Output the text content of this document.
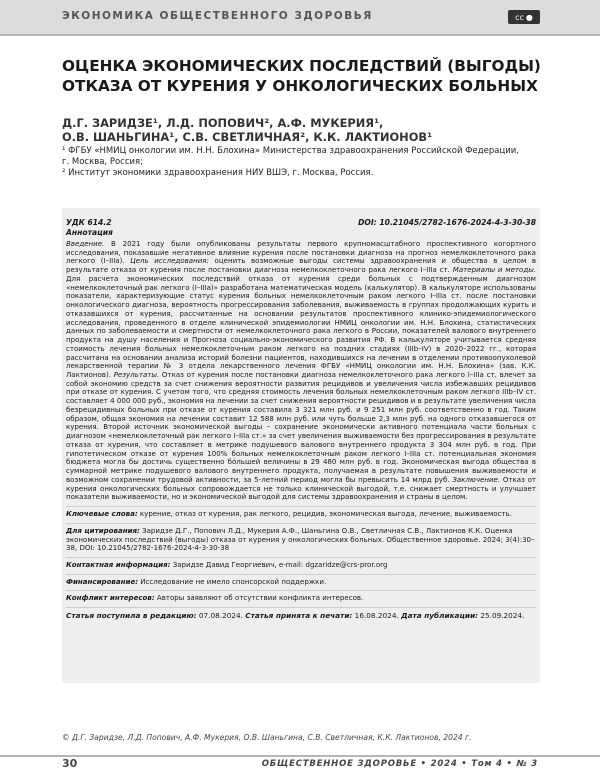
ЭКОНОМИКА ОБЩЕСТВЕННОГО ЗДОРОВЬЯ	cc ●
ОЦЕНКА ЭКОНОМИЧЕСКИХ ПОСЛЕДСТВИЙ (ВЫГОДЫ) ОТКАЗА ОТ КУРЕНИЯ У ОНКОЛОГИЧЕСКИХ БОЛЬНЫХ
Д.Г. ЗАРИДЗЕ¹, Л.Д. ПОПОВИЧ², А.Ф. МУКЕРИЯ¹,
О.В. ШАНЬГИНА¹, С.В. СВЕТЛИЧНАЯ², К.К. ЛАКТИОНОВ¹
¹ ФГБУ «НМИЦ онкологии им. Н.Н. Блохина» Министерства здравоохранения Российской Федерации,
г. Москва, Россия;
² Институт экономики здравоохранения НИУ ВШЭ, г. Москва, Россия.
УДК 614.2	DOI: 10.21045/2782-1676-2024-4-3-30-38
Аннотация
Введение. В 2021 году были опубликованы результаты первого крупномасштабного проспективного когортного исследования, показавшие негативное влияние курения после постановки диагноза на прогноз немелкоклеточного рака легкого (I–IIIa). Цель исследования: оценить возможные выгоды системы здравоохранения и общества в целом в результате отказа от курения после постановки диагноза немелкоклеточного рака легкого I–IIIa ст. Материалы и методы. Для расчета экономических последствий отказа от курения среди больных с подтвержденным диагнозом «немелкоклеточный рак легкого (I–IIIa)» разработана математическая модель (калькулятор). В калькуляторе использованы показатели, характеризующие статус курения больных немелкоклеточным раком легкого I–IIIa ст. после постановки онкологического диагноза, вероятность прогрессирования заболевания, выживаемость в группах продолжающих курить и отказавшихся от курения, рассчитанные на основании результатов проспективного клинико-эпидемиологического исследования, проведенного в отделе клинической эпидемиологии НМИЦ онкологии им. Н.Н. Блохина, статистических данных по заболеваемости и смертности от немелкоклеточного рака легкого в России, показателей валового внутреннего продукта на душу населения и Прогноза социально-экономического развития РФ. В калькуляторе учитывается средняя стоимость лечения больных немелкоклеточным раком легкого на поздних стадиях (IIIb–IV) в 2020–2022 гг., которая рассчитана на основании анализа историй болезни пациентов, находившихся на лечении в отделении противоопухолевой лекарственной терапии № 3 отдела лекарственного лечения ФГБУ «НМИЦ онкологии им. Н.Н. Блохина» (зав. К.К. Лактионов). Результаты. Отказ от курения после постановки диагноза немелкоклеточного рака легкого I–IIIa ст. влечет за собой экономию средств за счет снижения вероятности развития рецидивов и увеличения числа избежавших рецидивов при отказе от курения. С учетом того, что средняя стоимость лечения больных немелкоклеточным раком легкого IIIb–IV ст. составляет 4 000 000 руб., экономия на лечении за счет снижения вероятности рецидивов и в результате увеличения числа безрецидивных больных при отказе от курения составила 3 321 млн руб. и 9 251 млн руб. соответственно в год. Таким образом, общая экономия на лечении составит 12 588 млн руб. или чуть больше 2,3 млн руб. на одного отказавшегося от курения. Второй источник экономической выгоды – сохранение экономически активного потенциала части больных с диагнозом «немелкоклеточный рак легкого I–IIIa ст.» за счет увеличения выживаемости без прогрессирования в результате отказа от курения, что составляет в метрике подушевого валового внутреннего продукта 3 304 млн руб. в год. При гипотетическом отказе от курения 100% больных немелкоклеточным раком легкого I–IIIa ст. потенциальная экономия бюджета могла бы достичь существенно бóльшей величины в 29 480 млн руб. в год. Экономическая выгода общества в суммарной метрике подушевого валового внутреннего продукта, получаемая в результате повышения выживаемости и возможном сохранении трудовой активности, за 5-летний период могла бы превысить 14 млрд руб. Заключение. Отказ от курения онкологических больных сопровождается не только клинической выгодой, т.е. снижает смертность и улучшает показатели выживаемости, но и экономической выгодой для системы здравоохранения и страны в целом.
Ключевые слова: курение, отказ от курения, рак легкого, рецидив, экономическая выгода, лечение, выживаемость.
Для цитирования: Заридзе Д.Г., Попович Л.Д., Мукерия А.Ф., Шаньгина О.В., Светличная С.В., Лактионов К.К. Оценка экономических последствий (выгоды) отказа от курения у онкологических больных. Общественное здоровье. 2024; 3(4):30–38, DOI: 10.21045/2782-1676-2024-4-3-30-38
Контактная информация: Заридзе Давид Георгиевич, e-mail: dgzaridze@crs-pror.org
Финансирование: Исследование не имело спонсорской поддержки.
Конфликт интересов: Авторы заявляют об отсутствии конфликта интересов.
Статья поступила в редакцию: 07.08.2024. Статья принята к печати: 16.08.2024. Дата публикации: 25.09.2024.
© Д.Г. Заридзе, Л.Д. Попович, А.Ф. Мукерия, О.В. Шаньгина, С.В. Светличная, К.К. Лактионов, 2024 г.
30	ОБЩЕСТВЕННОЕ ЗДОРОВЬЕ • 2024 • Том 4 • № 3
